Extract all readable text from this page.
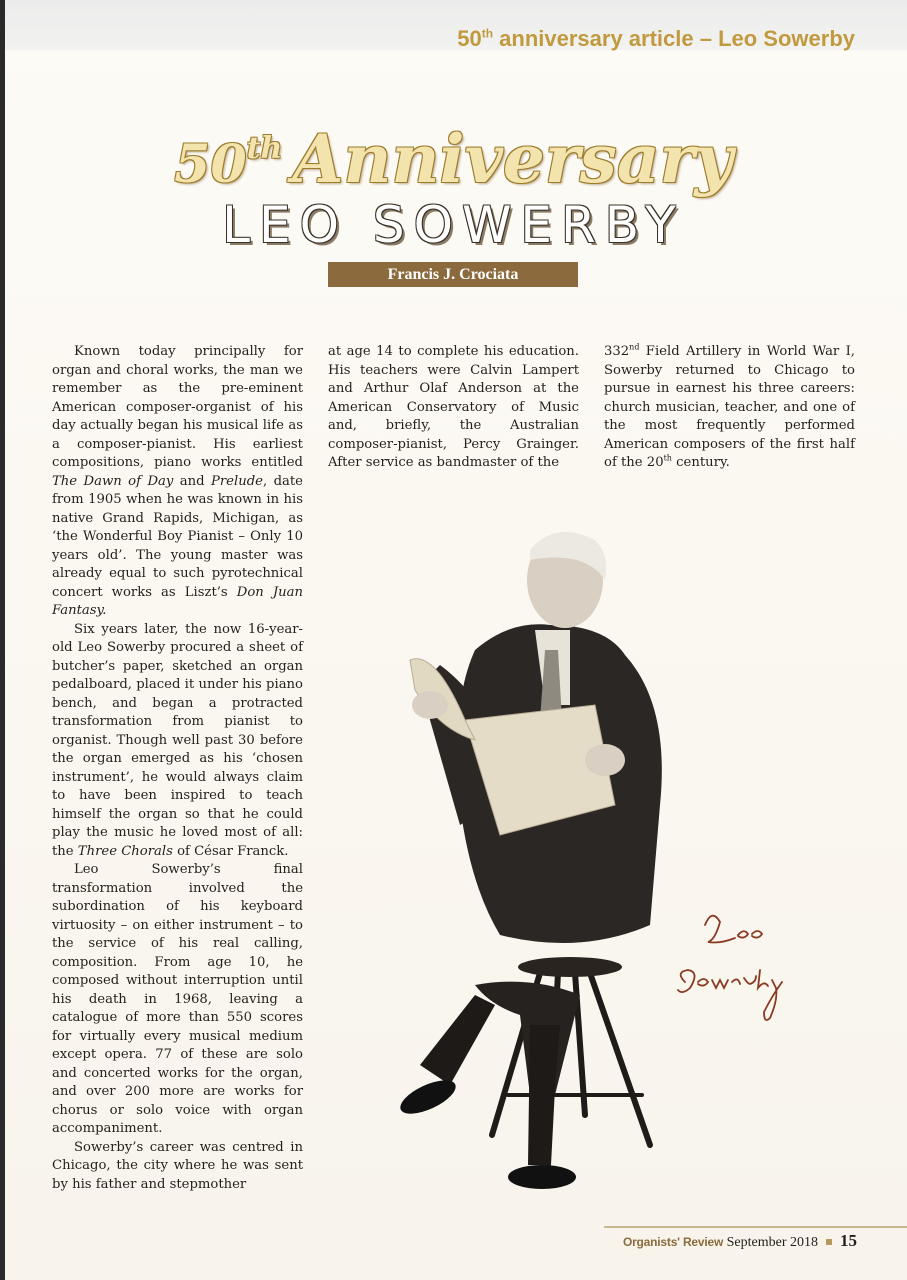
50th anniversary article – Leo Sowerby
50th Anniversary
LEO SOWERBY
Francis J. Crociata

Known today principally for organ and choral works, the man we remember as the pre-eminent American composer-organist of his day actually began his musical life as a composer-pianist. His earliest compositions, piano works entitled The Dawn of Day and Prelude, date from 1905 when he was known in his native Grand Rapids, Michigan, as ‘the Wonderful Boy Pianist – Only 10 years old’. The young master was already equal to such pyrotechnical concert works as Liszt’s Don Juan Fantasy.

Six years later, the now 16-year-old Leo Sowerby procured a sheet of butcher’s paper, sketched an organ pedalboard, placed it under his piano bench, and began a protracted transformation from pianist to organist. Though well past 30 before the organ emerged as his ‘chosen instrument’, he would always claim to have been inspired to teach himself the organ so that he could play the music he loved most of all: the Three Chorals of César Franck.

Leo Sowerby’s final transformation involved the subordination of his keyboard virtuosity – on either instrument – to the service of his real calling, composition. From age 10, he composed without interruption until his death in 1968, leaving a catalogue of more than 550 scores for virtually every musical medium except opera. 77 of these are solo and concerted works for the organ, and over 200 more are works for chorus or solo voice with organ accompaniment.

Sowerby’s career was centred in Chicago, the city where he was sent by his father and stepmother

at age 14 to complete his education. His teachers were Calvin Lampert and Arthur Olaf Anderson at the American Conservatory of Music and, briefly, the Australian composer-pianist, Percy Grainger. After service as bandmaster of the

332nd Field Artillery in World War I, Sowerby returned to Chicago to pursue in earnest his three careers: church musician, teacher, and one of the most frequently performed American composers of the first half of the 20th century.

Organists' Review September 2018 15
